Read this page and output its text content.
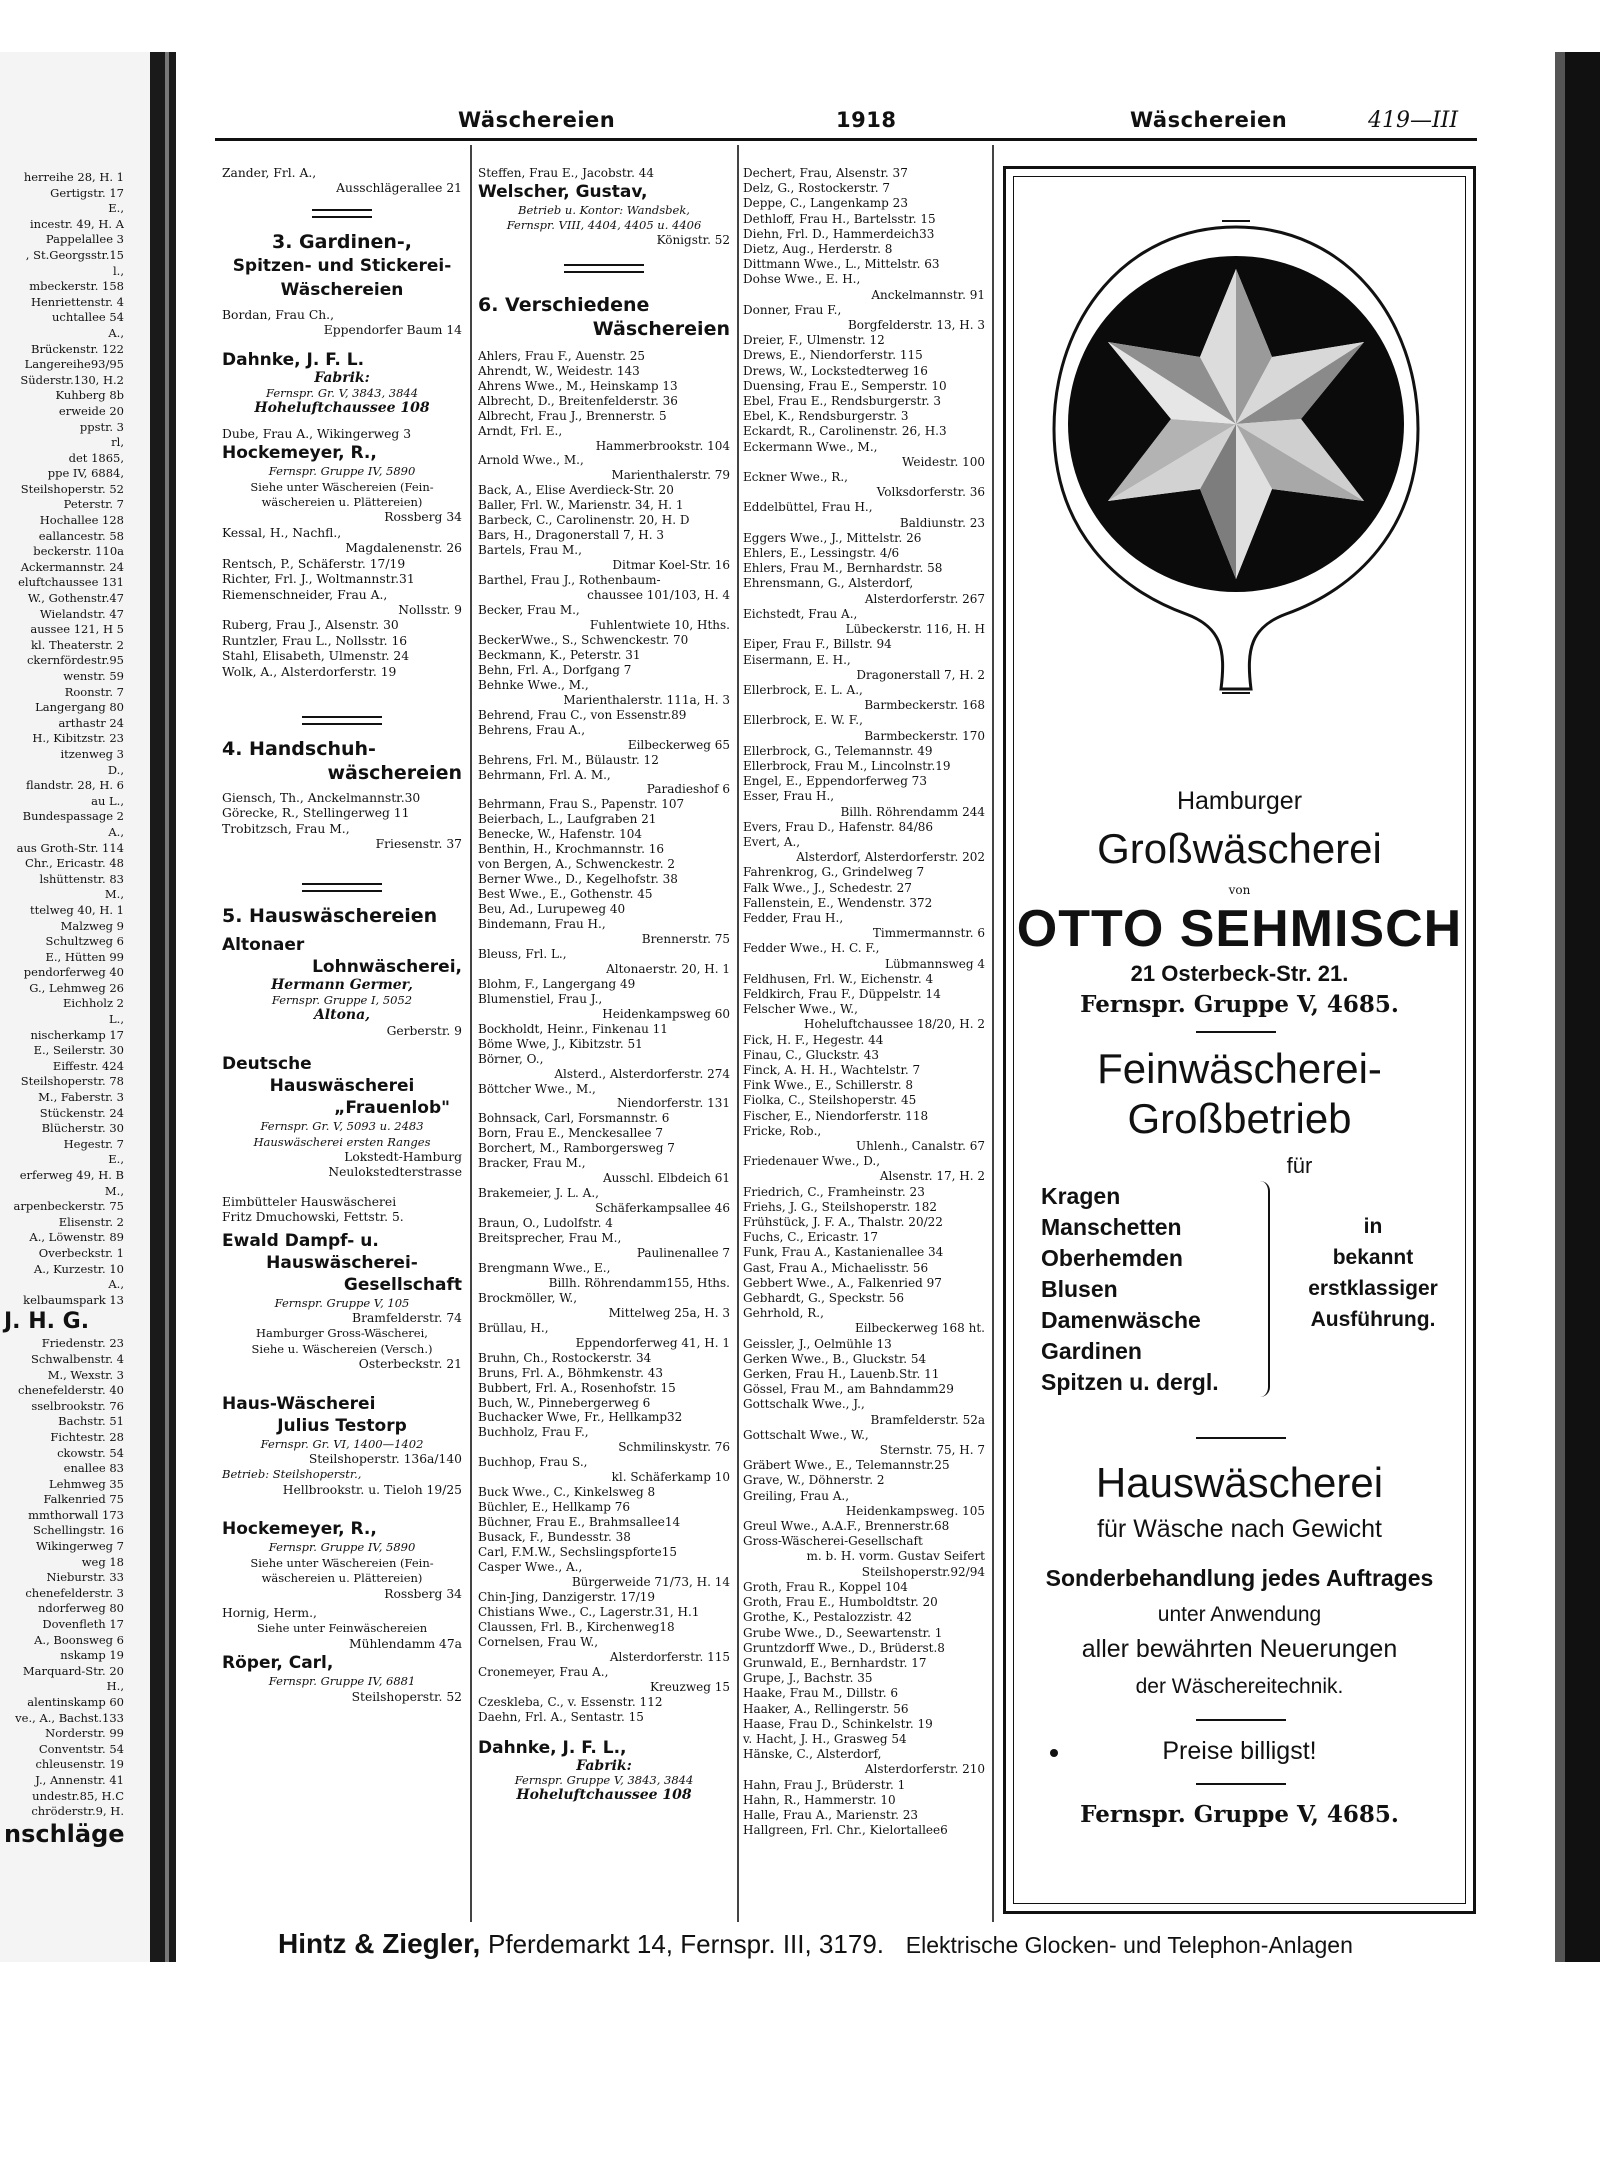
herreihe 28, H. 1
Gertigstr. 17
E.,
incestr. 49, H. A
Pappelallee 3
, St.Georgsstr.15
l.,
mbeckerstr. 158
Henriettenstr. 4
uchtallee 54
A.,
Brückenstr. 122
Langereihe93/95
Süderstr.130, H.2
Kuhberg 8b
erweide 20
ppstr. 3
rl,
det 1865,
ppe IV, 6884,
Steilshoperstr. 52
Peterstr. 7
Hochallee 128
eallancestr. 58
beckerstr. 110a
Ackermannstr. 24
eluftchaussee 131
W., Gothenstr.47
Wielandstr. 47
aussee 121, H 5
kl. Theaterstr. 2
ckernfördestr.95
wenstr. 59
Roonstr. 7
Langergang 80
arthastr 24
H., Kibitzstr. 23
itzenweg 3
D.,
flandstr. 28, H. 6
au L.,
Bundespassage 2
A.,
aus Groth-Str. 114
Chr., Ericastr. 48
lshüttenstr. 83
M.,
ttelweg 40, H. 1
Malzweg 9
Schultzweg 6
E., Hütten 99
pendorferweg 40
G., Lehmweg 26
Eichholz 2
L.,
nischerkamp 17
E., Seilerstr. 30
Eiffestr. 424
Steilshoperstr. 78
M., Faberstr. 3
Stückenstr. 24
Blücherstr. 30
Hegestr. 7
E.,
erferweg 49, H. B
M.,
arpenbeckerstr. 75
Elisenstr. 2
A., Löwenstr. 89
Overbeckstr. 1
A., Kurzestr. 10
A.,
kelbaumspark 13
J. H. G.
Friedenstr. 23
Schwalbenstr. 4
M., Wexstr. 3
chenefelderstr. 40
sselbrookstr. 76
Bachstr. 51
Fichtestr. 28
ckowstr. 54
enallee 83
Lehmweg 35
Falkenried 75
mmthorwall 173
Schellingstr. 16
Wikingerweg 7
weg 18
Nieburstr. 33
chenefelderstr. 3
ndorferweg 80
Dovenfleth 17
A., Boonsweg 6
nskamp 19
Marquard-Str. 20
H.,
alentinskamp 60
ve., A., Bachst.133
Norderstr. 99
Conventstr. 54
chleusenstr. 19
J., Annenstr. 41
undestr.85, H.C
chröderstr.9, H.
nschläge
Wäschereien	1918	Wäschereien	419—III
Zander, Frl. A.,
Ausschlägerallee 21
3. Gardinen-,
Spitzen- und Stickerei-
Wäschereien
Bordan, Frau Ch.,
Eppendorfer Baum 14
Dahnke, J. F. L.
Fabrik:
Fernspr. Gr. V, 3843, 3844
Hoheluftchaussee 108
Dube, Frau A., Wikingerweg 3
Hockemeyer, R.,
Fernspr. Gruppe IV, 5890
Siehe unter Wäschereien (Fein-
wäschereien u. Plättereien)
Rossberg 34
Kessal, H., Nachfl.,
Magdalenenstr. 26
Rentsch, P., Schäferstr. 17/19
Richter, Frl. J., Woltmannstr.31
Riemenschneider, Frau A.,
Nollsstr. 9
Ruberg, Frau J., Alsenstr. 30
Runtzler, Frau L., Nollsstr. 16
Stahl, Elisabeth, Ulmenstr. 24
Wolk, A., Alsterdorferstr. 19
4. Handschuh-
wäschereien
Giensch, Th., Anckelmannstr.30
Görecke, R., Stellingerweg 11
Trobitzsch, Frau M.,
Friesenstr. 37
5. Hauswäschereien
Altonaer
Lohnwäscherei,
Hermann Germer,
Fernspr. Gruppe I, 5052
Altona,
Gerberstr. 9
Deutsche
Hauswäscherei
„Frauenlob"
Fernspr. Gr. V, 5093 u. 2483
Hauswäscherei ersten Ranges
Lokstedt-Hamburg
Neulokstedterstrasse
Eimbütteler Hauswäscherei
Fritz Dmuchowski, Fettstr. 5.
Ewald Dampf- u.
Hauswäscherei-
Gesellschaft
Fernspr. Gruppe V, 105
Bramfelderstr. 74
Hamburger Gross-Wäscherei,
Siehe u. Wäschereien (Versch.)
Osterbeckstr. 21
Haus-Wäscherei
Julius Testorp
Fernspr. Gr. VI, 1400—1402
Steilshoperstr. 136a/140
Betrieb: Steilshoperstr.,
Hellbrookstr. u. Tieloh 19/25
Hockemeyer, R.,
Fernspr. Gruppe IV, 5890
Siehe unter Wäschereien (Fein-
wäschereien u. Plättereien)
Rossberg 34
Hornig, Herm.,
Siehe unter Feinwäschereien
Mühlendamm 47a
Röper, Carl,
Fernspr. Gruppe IV, 6881
Steilshoperstr. 52
Steffen, Frau E., Jacobstr. 44
Welscher, Gustav,
Betrieb u. Kontor: Wandsbek,
Fernspr. VIII, 4404, 4405 u. 4406
Königstr. 52
6. Verschiedene
Wäschereien
Ahlers, Frau F., Auenstr. 25
Ahrendt, W., Weidestr. 143
Ahrens Wwe., M., Heinskamp 13
Albrecht, D., Breitenfelderstr. 36
Albrecht, Frau J., Brennerstr. 5
Arndt, Frl. E.,
Hammerbrookstr. 104
Arnold Wwe., M.,
Marienthalerstr. 79
Back, A., Elise Averdieck-Str. 20
Baller, Frl. W., Marienstr. 34, H. 1
Barbeck, C., Carolinenstr. 20, H. D
Bars, H., Dragonerstall 7, H. 3
Bartels, Frau M.,
Ditmar Koel-Str. 16
Barthel, Frau J., Rothenbaum-
chaussee 101/103, H. 4
Becker, Frau M.,
Fuhlentwiete 10, Hths.
BeckerWwe., S., Schwenckestr. 70
Beckmann, K., Peterstr. 31
Behn, Frl. A., Dorfgang 7
Behnke Wwe., M.,
Marienthalerstr. 111a, H. 3
Behrend, Frau C., von Essenstr.89
Behrens, Frau A.,
Eilbeckerweg 65
Behrens, Frl. M., Bülaustr. 12
Behrmann, Frl. A. M.,
Paradieshof 6
Behrmann, Frau S., Papenstr. 107
Beierbach, L., Laufgraben 21
Benecke, W., Hafenstr. 104
Benthin, H., Krochmannstr. 16
von Bergen, A., Schwenckestr. 2
Berner Wwe., D., Kegelhofstr. 38
Best Wwe., E., Gothenstr. 45
Beu, Ad., Lurupeweg 40
Bindemann, Frau H.,
Brennerstr. 75
Bleuss, Frl. L.,
Altonaerstr. 20, H. 1
Blohm, F., Langergang 49
Blumenstiel, Frau J.,
Heidenkampsweg 60
Bockholdt, Heinr., Finkenau 11
Böme Wwe, J., Kibitzstr. 51
Börner, O.,
Alsterd., Alsterdorferstr. 274
Böttcher Wwe., M.,
Niendorferstr. 131
Bohnsack, Carl, Forsmannstr. 6
Born, Frau E., Menckesallee 7
Borchert, M., Ramborgersweg 7
Bracker, Frau M.,
Ausschl. Elbdeich 61
Brakemeier, J. L. A.,
Schäferkampsallee 46
Braun, O., Ludolfstr. 4
Breitsprecher, Frau M.,
Paulinenallee 7
Brengmann Wwe., E.,
Billh. Röhrendamm155, Hths.
Brockmöller, W.,
Mittelweg 25a, H. 3
Brüllau, H.,
Eppendorferweg 41, H. 1
Bruhn, Ch., Rostockerstr. 34
Bruns, Frl. A., Böhmkenstr. 43
Bubbert, Frl. A., Rosenhofstr. 15
Buch, W., Pinnebergerweg 6
Buchacker Wwe, Fr., Hellkamp32
Buchholz, Frau F.,
Schmilinskystr. 76
Buchhop, Frau S.,
kl. Schäferkamp 10
Buck Wwe., C., Kinkelsweg 8
Büchler, E., Hellkamp 76
Büchner, Frau E., Brahmsallee14
Busack, F., Bundesstr. 38
Carl, F.M.W., Sechslingspforte15
Casper Wwe., A.,
Bürgerweide 71/73, H. 14
Chin-Jing, Danzigerstr. 17/19
Chistians Wwe., C., Lagerstr.31, H.1
Claussen, Frl. B., Kirchenweg18
Cornelsen, Frau W.,
Alsterdorferstr. 115
Cronemeyer, Frau A.,
Kreuzweg 15
Czeskleba, C., v. Essenstr. 112
Daehn, Frl. A., Sentastr. 15
Dahnke, J. F. L.,
Fabrik:
Fernspr. Gruppe V, 3843, 3844
Hoheluftchaussee 108
Dechert, Frau, Alsenstr. 37
Delz, G., Rostockerstr. 7
Deppe, C., Langenkamp 23
Dethloff, Frau H., Bartelsstr. 15
Diehn, Frl. D., Hammerdeich33
Dietz, Aug., Herderstr. 8
Dittmann Wwe., L., Mittelstr. 63
Dohse Wwe., E. H.,
Anckelmannstr. 91
Donner, Frau F.,
Borgfelderstr. 13, H. 3
Dreier, F., Ulmenstr. 12
Drews, E., Niendorferstr. 115
Drews, W., Lockstedterweg 16
Duensing, Frau E., Semperstr. 10
Ebel, Frau E., Rendsburgerstr. 3
Ebel, K., Rendsburgerstr. 3
Eckardt, R., Carolinenstr. 26, H.3
Eckermann Wwe., M.,
Weidestr. 100
Eckner Wwe., R.,
Volksdorferstr. 36
Eddelbüttel, Frau H.,
Baldiunstr. 23
Eggers Wwe., J., Mittelstr. 26
Ehlers, E., Lessingstr. 4/6
Ehlers, Frau M., Bernhardstr. 58
Ehrensmann, G., Alsterdorf,
Alsterdorferstr. 267
Eichstedt, Frau A.,
Lübeckerstr. 116, H. H
Eiper, Frau F., Billstr. 94
Eisermann, E. H.,
Dragonerstall 7, H. 2
Ellerbrock, E. L. A.,
Barmbeckerstr. 168
Ellerbrock, E. W. F.,
Barmbeckerstr. 170
Ellerbrock, G., Telemannstr. 49
Ellerbrock, Frau M., Lincolnstr.19
Engel, E., Eppendorferweg 73
Esser, Frau H.,
Billh. Röhrendamm 244
Evers, Frau D., Hafenstr. 84/86
Evert, A.,
Alsterdorf, Alsterdorferstr. 202
Fahrenkrog, G., Grindelweg 7
Falk Wwe., J., Schedestr. 27
Fallenstein, E., Wendenstr. 372
Fedder, Frau H.,
Timmermannstr. 6
Fedder Wwe., H. C. F.,
Lübmannsweg 4
Feldhusen, Frl. W., Eichenstr. 4
Feldkirch, Frau F., Düppelstr. 14
Felscher Wwe., W.,
Hoheluftchaussee 18/20, H. 2
Fick, H. F., Hegestr. 44
Finau, C., Gluckstr. 43
Finck, A. H. H., Wachtelstr. 7
Fink Wwe., E., Schillerstr. 8
Fiolka, C., Steilshoperstr. 45
Fischer, E., Niendorferstr. 118
Fricke, Rob.,
Uhlenh., Canalstr. 67
Friedenauer Wwe., D.,
Alsenstr. 17, H. 2
Friedrich, C., Framheinstr. 23
Friehs, J. G., Steilshoperstr. 182
Frühstück, J. F. A., Thalstr. 20/22
Fuchs, C., Ericastr. 17
Funk, Frau A., Kastanienallee 34
Gast, Frau A., Michaelisstr. 56
Gebbert Wwe., A., Falkenried 97
Gebhardt, G., Speckstr. 56
Gehrhold, R.,
Eilbeckerweg 168 ht.
Geissler, J., Oelmühle 13
Gerken Wwe., B., Gluckstr. 54
Gerken, Frau H., Lauenb.Str. 11
Gössel, Frau M., am Bahndamm29
Gottschalk Wwe., J.,
Bramfelderstr. 52a
Gottschalt Wwe., W.,
Sternstr. 75, H. 7
Gräbert Wwe., E., Telemannstr.25
Grave, W., Döhnerstr. 2
Greiling, Frau A.,
Heidenkampsweg. 105
Greul Wwe., A.A.F., Brennerstr.68
Gross-Wäscherei-Gesellschaft
m. b. H. vorm. Gustav Seifert
Steilshoperstr.92/94
Groth, Frau R., Koppel 104
Groth, Frau E., Humboldtstr. 20
Grothe, K., Pestalozzistr. 42
Grube Wwe., D., Seewartenstr. 1
Gruntzdorff Wwe., D., Brüderst.8
Grunwald, E., Bernhardstr. 17
Grupe, J., Bachstr. 35
Haake, Frau M., Dillstr. 6
Haaker, A., Rellingerstr. 56
Haase, Frau D., Schinkelstr. 19
v. Hacht, J. H., Grasweg 54
Hänske, C., Alsterdorf,
Alsterdorferstr. 210
Hahn, Frau J., Brüderstr. 1
Hahn, R., Hammerstr. 10
Halle, Frau A., Marienstr. 23
Hallgreen, Frl. Chr., Kielortallee6
Hamburger
Großwäscherei
von
OTTO SEHMISCH
21 Osterbeck-Str. 21.
Fernspr. Gruppe V, 4685.
Feinwäscherei-
Großbetrieb
für
Kragen
Manschetten
Oberhemden
Blusen
Damenwäsche
Gardinen
Spitzen u. dergl.
in
bekannt
erstklassiger
Ausführung.
Hauswäscherei
für Wäsche nach Gewicht
Sonderbehandlung jedes Auftrages
unter Anwendung
aller bewährten Neuerungen
der Wäschereitechnik.
Preise billigst!
Fernspr. Gruppe V, 4685.
Hintz & Ziegler, Pferdemarkt 14, Fernspr. III, 3179. Elektrische Glocken- und Telephon-Anlagen
